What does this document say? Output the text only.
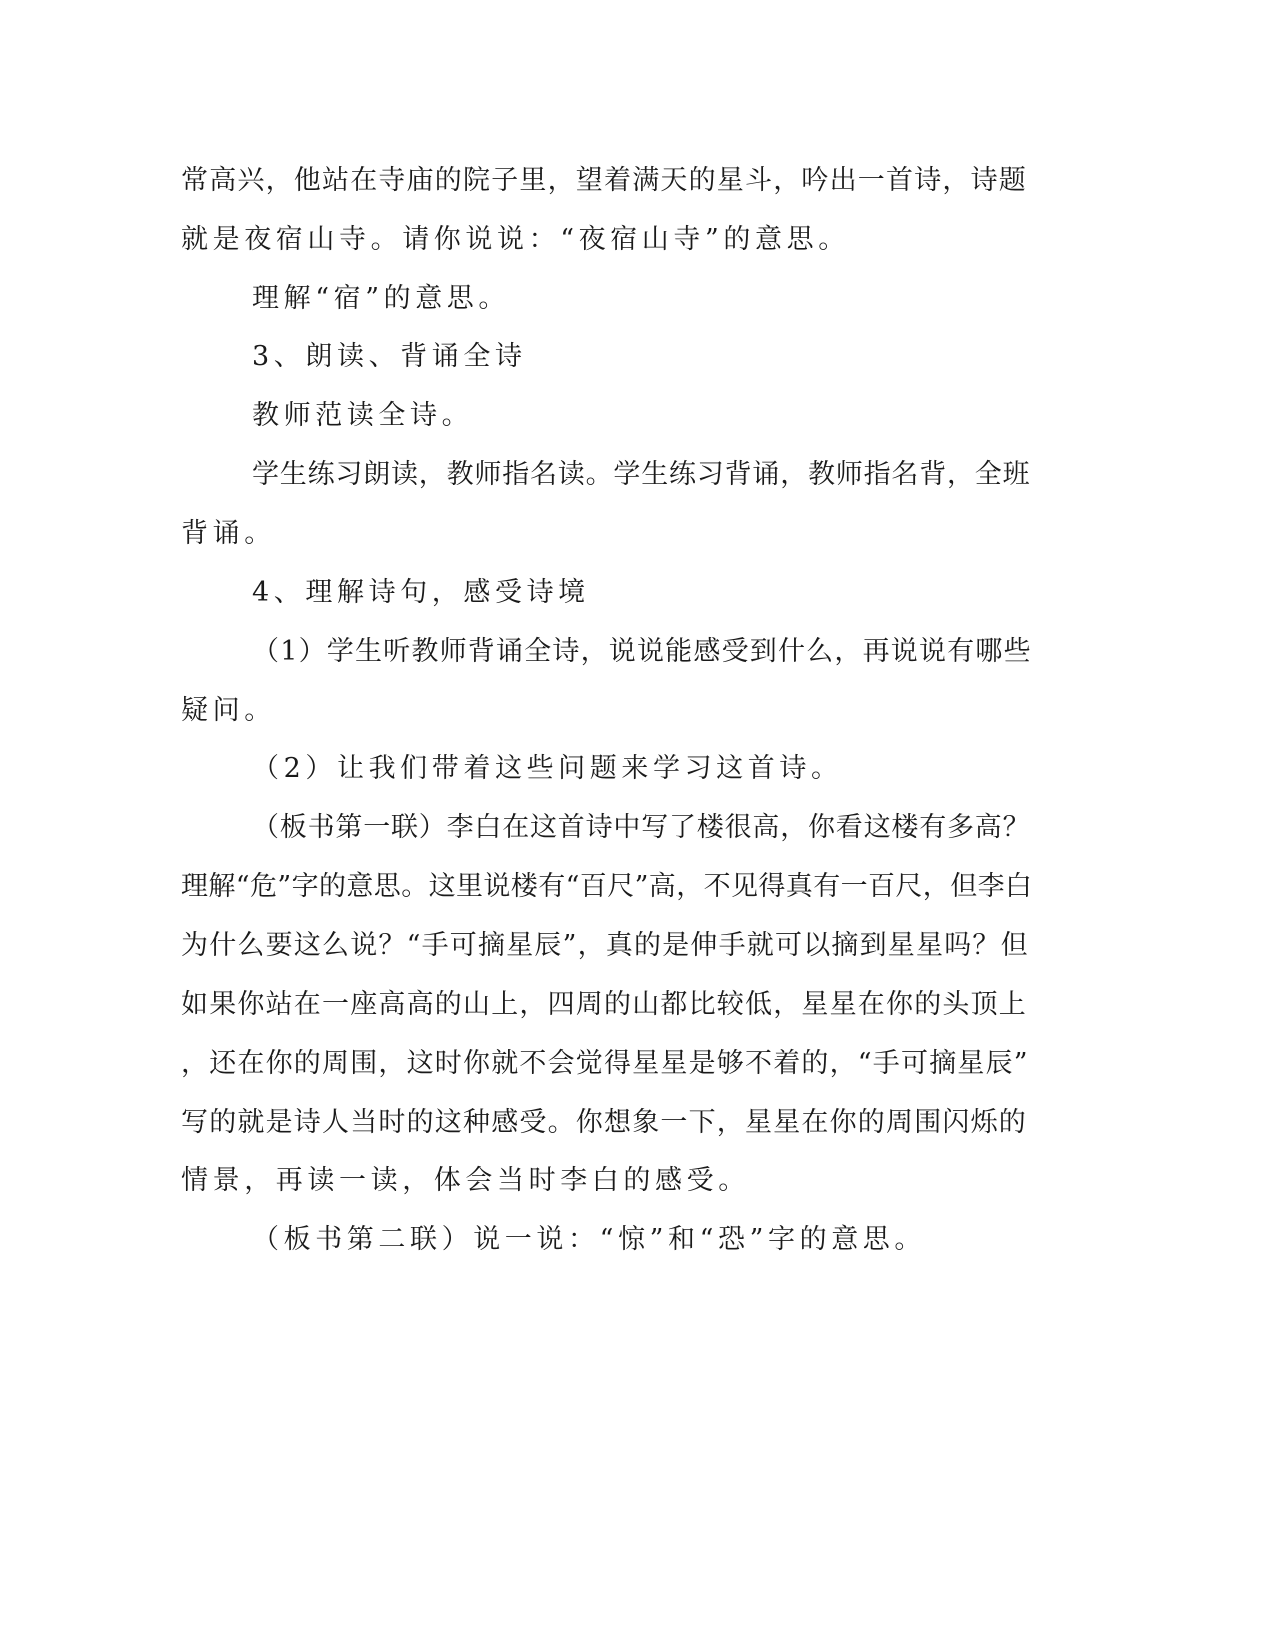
常高兴，他站在寺庙的院子里，望着满天的星斗，吟出一首诗，诗题
就是夜宿山寺。请你说说：“夜宿山寺”的意思。
理解“宿”的意思。
3、朗读、背诵全诗
教师范读全诗。
学生练习朗读，教师指名读。学生练习背诵，教师指名背，全班
背诵。
4、理解诗句，感受诗境
（1）学生听教师背诵全诗，说说能感受到什么，再说说有哪些
疑问。
（2）让我们带着这些问题来学习这首诗。
（板书第一联）李白在这首诗中写了楼很高，你看这楼有多高？
理解“危”字的意思。这里说楼有“百尺”高，不见得真有一百尺，但李白
为什么要这么说？“手可摘星辰”，真的是伸手就可以摘到星星吗？但
如果你站在一座高高的山上，四周的山都比较低，星星在你的头顶上
，还在你的周围，这时你就不会觉得星星是够不着的，“手可摘星辰”
写的就是诗人当时的这种感受。你想象一下，星星在你的周围闪烁的
情景，再读一读，体会当时李白的感受。
（板书第二联）说一说：“惊”和“恐”字的意思。
